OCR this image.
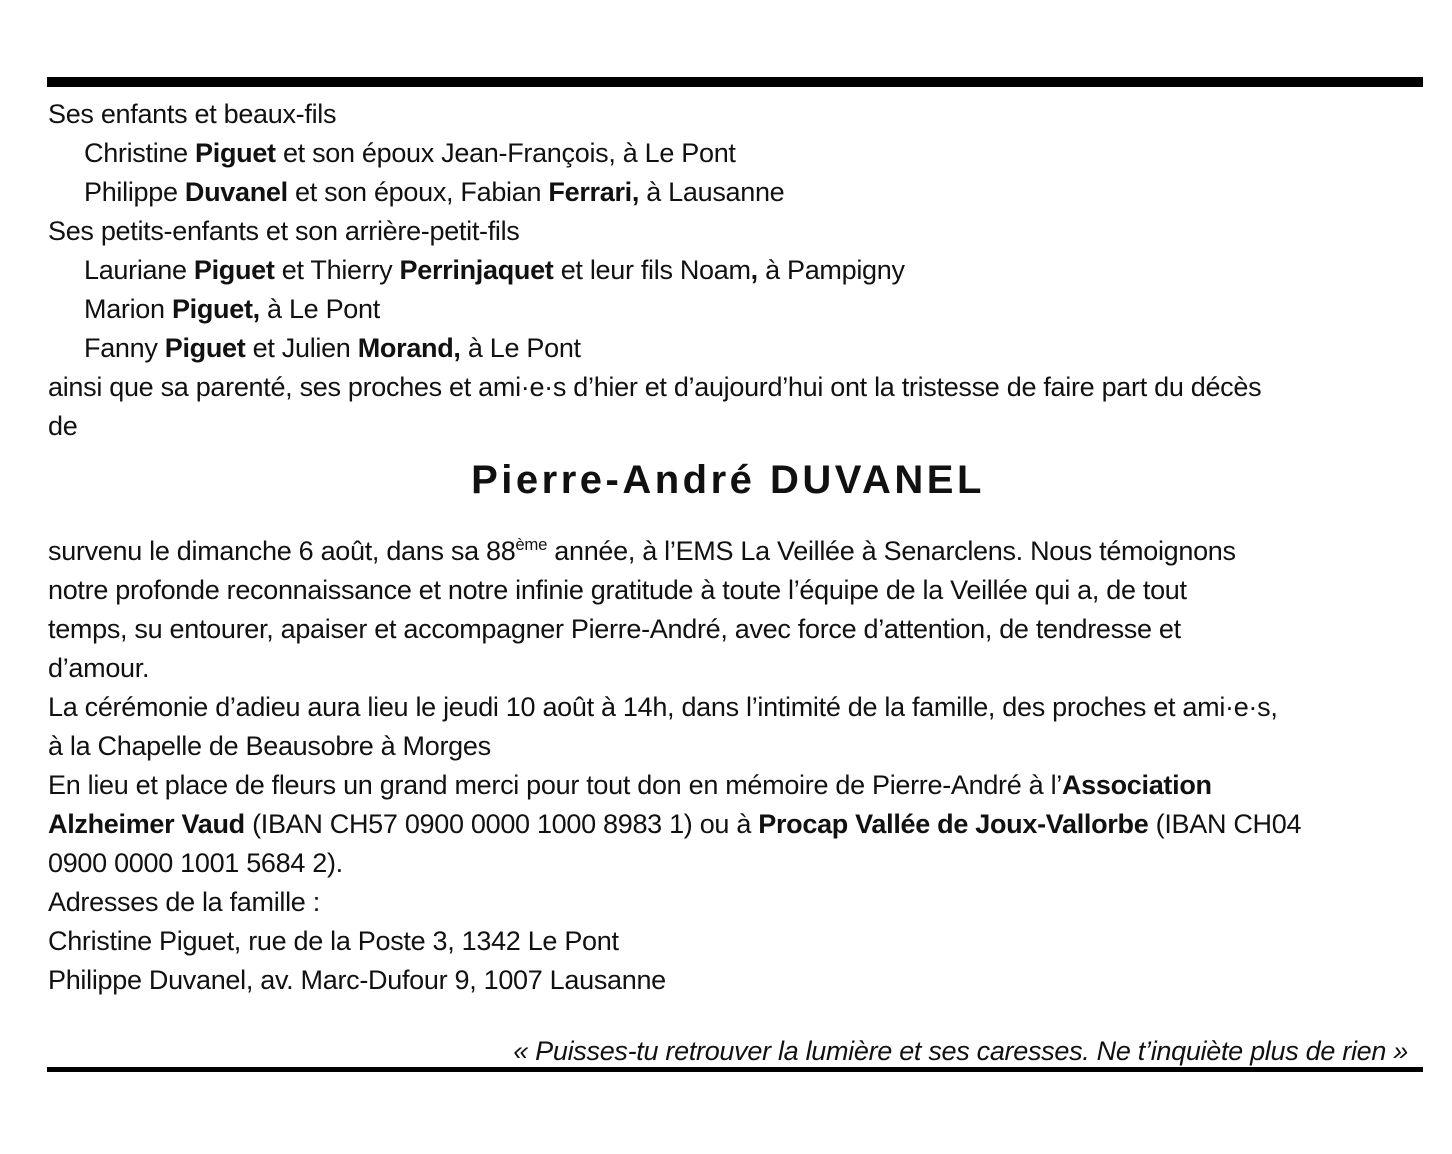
Ses enfants et beaux-fils
Christine Piguet et son époux Jean-François, à Le Pont
Philippe Duvanel et son époux, Fabian Ferrari, à Lausanne
Ses petits-enfants et son arrière-petit-fils
Lauriane Piguet et Thierry Perrinjaquet et leur fils Noam, à Pampigny
Marion Piguet, à Le Pont
Fanny Piguet et Julien Morand, à Le Pont
ainsi que sa parenté, ses proches et ami·e·s d’hier et d’aujourd’hui ont la tristesse de faire part du décès
de
Pierre-André DUVANEL
survenu le dimanche 6 août, dans sa 88ème année, à l’EMS La Veillée à Senarclens. Nous témoignons
notre profonde reconnaissance et notre infinie gratitude à toute l’équipe de la Veillée qui a, de tout
temps, su entourer, apaiser et accompagner Pierre-André, avec force d’attention, de tendresse et
d’amour.
La cérémonie d’adieu aura lieu le jeudi 10 août à 14h, dans l’intimité de la famille, des proches et ami·e·s,
à la Chapelle de Beausobre à Morges
En lieu et place de fleurs un grand merci pour tout don en mémoire de Pierre-André à l’Association
Alzheimer Vaud (IBAN CH57 0900 0000 1000 8983 1) ou à Procap Vallée de Joux-Vallorbe (IBAN CH04
0900 0000 1001 5684 2).
Adresses de la famille :
Christine Piguet, rue de la Poste 3, 1342 Le Pont
Philippe Duvanel, av. Marc-Dufour 9, 1007 Lausanne
« Puisses-tu retrouver la lumière et ses caresses. Ne t’inquiète plus de rien »
